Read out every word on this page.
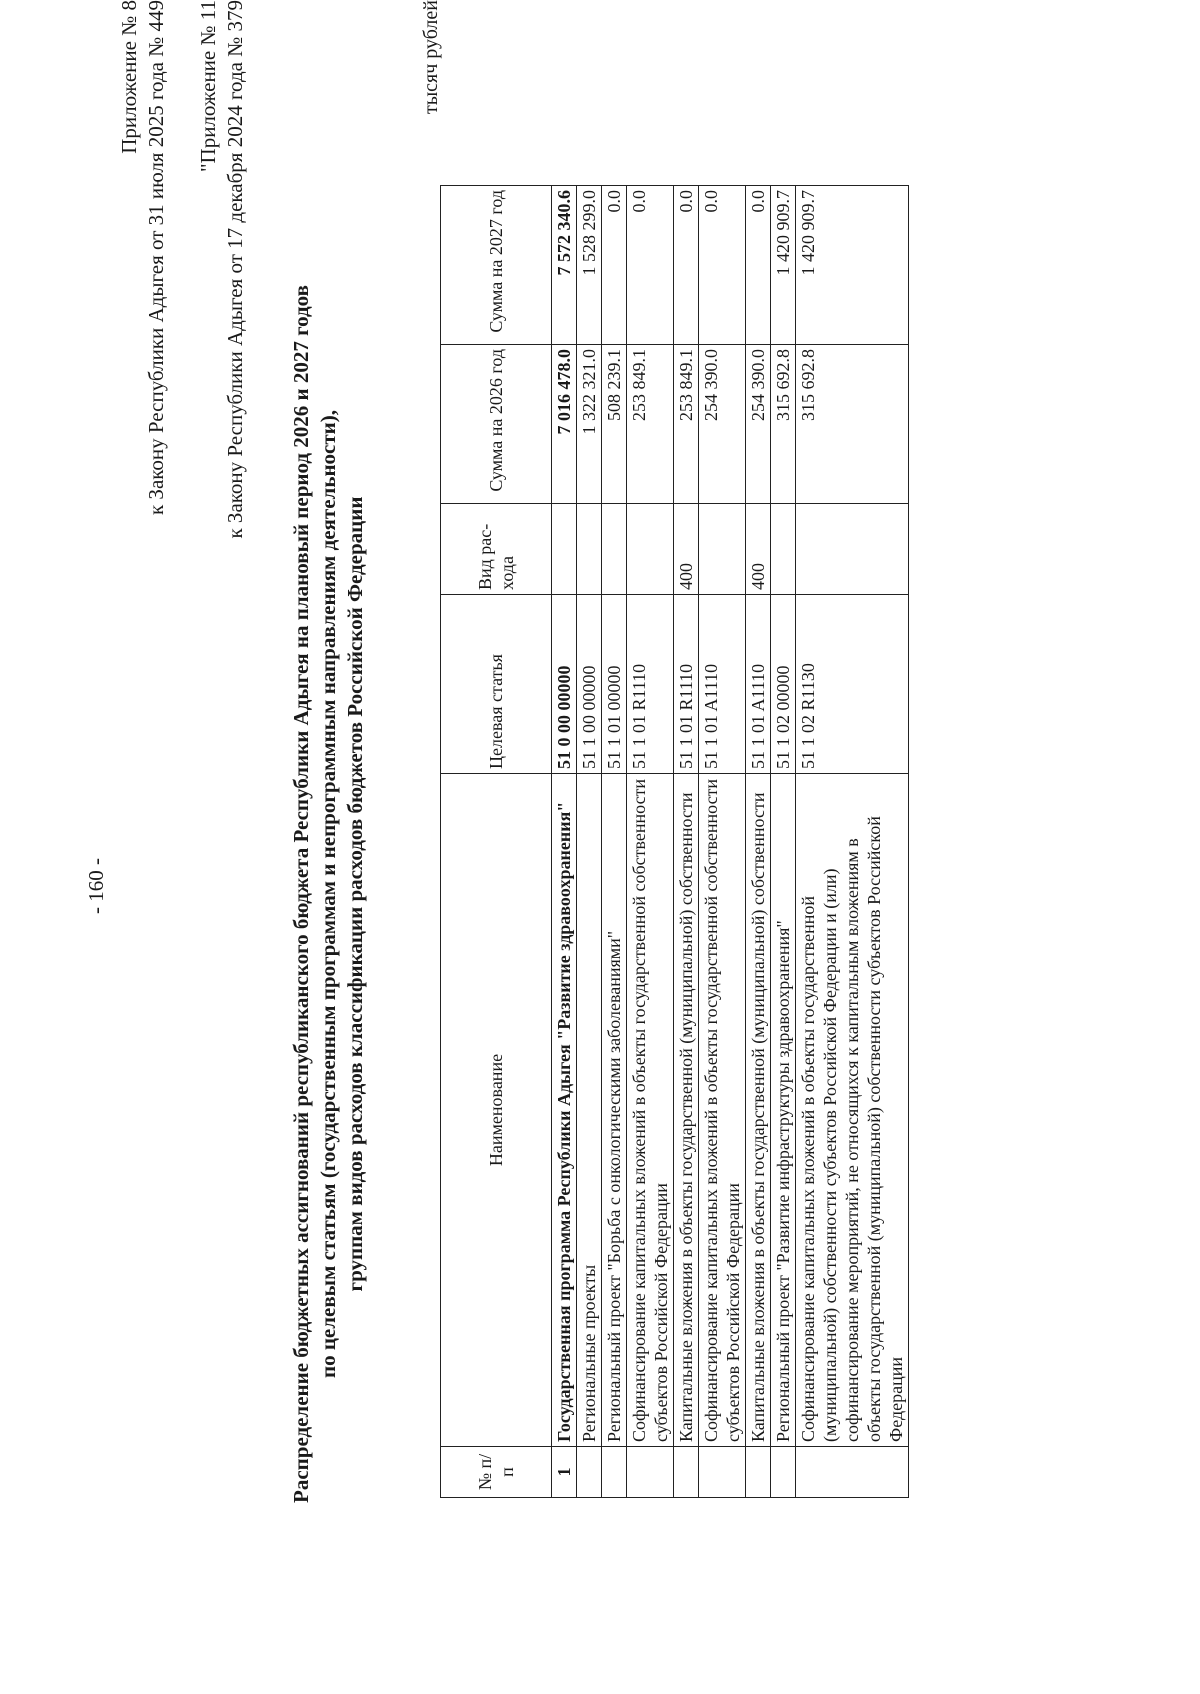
- 160 -
Приложение № 8 к Закону Республики Адыгея от 31 июля 2025 года № 449 "Приложение № 11 к Закону Республики Адыгея от 17 декабря 2024 года № 379
Распределение бюджетных ассигнований республиканского бюджета Республики Адыгея на плановый период 2026 и 2027 годов по целевым статьям (государственным программам и непрограммным направлениям деятельности), группам видов расходов классификации расходов бюджетов Российской Федерации
тысяч рублей
№ п/п	Наименование	Целевая статья	Вид рас- хода	Сумма на 2026 год	Сумма на 2027 год
1	Государственная программа Республики Адыгея "Развитие здравоохранения"	51 0 00 00000		7 016 478.0	7 572 340.6
	Региональные проекты	51 1 00 00000		1 322 321.0	1 528 299.0
	Региональный проект "Борьба с онкологическими заболеваниями"	51 1 01 00000		508 239.1	0.0
	Софинансирование капитальных вложений в объекты государственной собственности субъектов Российской Федерации	51 1 01 R1110		253 849.1	0.0
	Капитальные вложения в объекты государственной (муниципальной) собственности	51 1 01 R1110	400	253 849.1	0.0
	Софинансирование капитальных вложений в объекты государственной собственности субъектов Российской Федерации	51 1 01 A1110		254 390.0	0.0
	Капитальные вложения в объекты государственной (муниципальной) собственности	51 1 01 A1110	400	254 390.0	0.0
	Региональный проект "Развитие инфраструктуры здравоохранения"	51 1 02 00000		315 692.8	1 420 909.7
	Софинансирование капитальных вложений в объекты государственной (муниципальной) собственности субъектов Российской Федерации и (или) софинансирование мероприятий, не относящихся к капитальным вложениям в объекты государственной (муниципальной) собственности субъектов Российской Федерации	51 1 02 R1130		315 692.8	1 420 909.7
